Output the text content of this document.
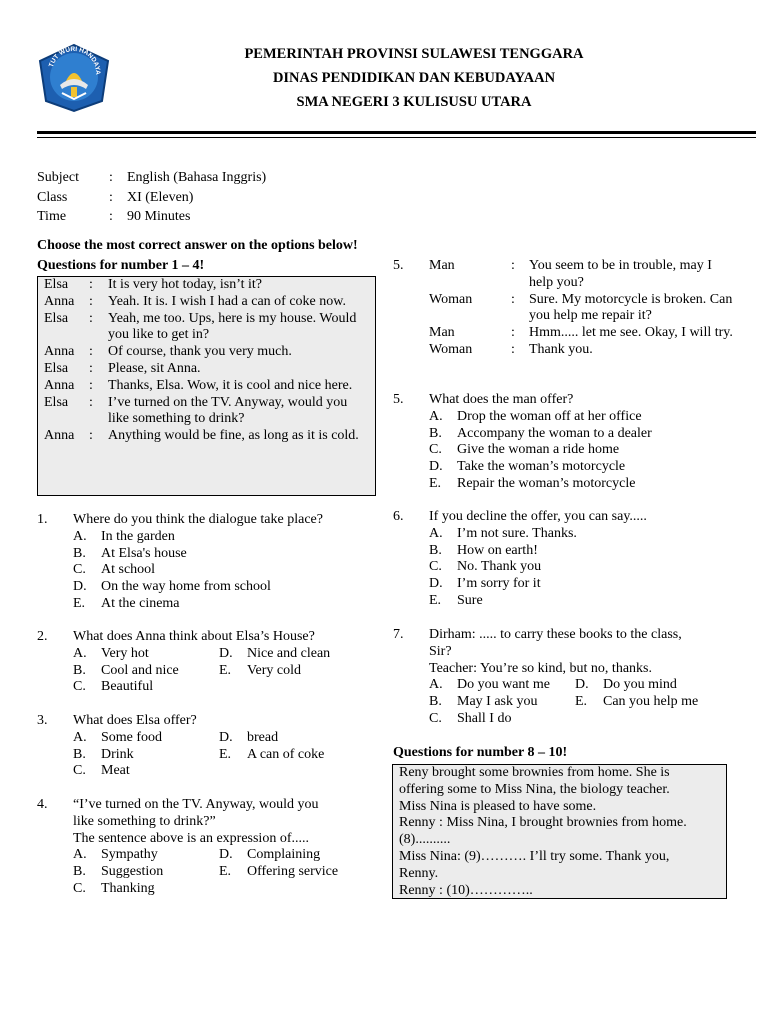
TUT WURI HANDAYA
PEMERINTAH PROVINSI SULAWESI TENGGARA
DINAS PENDIDIKAN DAN KEBUDAYAAN
SMA NEGERI 3 KULISUSU UTARA
Subject	:	English (Bahasa Inggris)
Class	:	XI (Eleven)
Time	:	90 Minutes
Choose the most correct answer on the options below!
Questions for number 1 – 4!
Elsa	:	It is very hot today, isn’t it?
Anna	:	Yeah. It is. I wish I had a can of coke now.
Elsa	:	Yeah, me too. Ups, here is my house. Would you like to get in?
Anna	:	Of course, thank you very much.
Elsa	:	Please, sit Anna.
Anna	:	Thanks, Elsa. Wow, it is cool and nice here.
Elsa	:	I’ve turned on the TV. Anyway, would you like something to drink?
Anna	:	Anything would be fine, as long as it is cold.
1. Where do you think the dialogue take place?
A.	In the garden
B.	At Elsa's house
C.	At school
D.	On the way home from school
E.	At the cinema
2. What does Anna think about Elsa’s House?
A.	Very hot	D.	Nice and clean
B.	Cool and nice	E.	Very cold
C.	Beautiful
3. What does Elsa offer?
A.	Some food	D.	bread
B.	Drink	E.	A can of coke
C.	Meat
4. “I’ve turned on the TV. Anyway, would you
like something to drink?”
The sentence above is an expression of.....
A.	Sympathy	D.	Complaining
B.	Suggestion	E.	Offering service
C.	Thanking
5. Man	:	You seem to be in trouble, may I help you?
Woman	:	Sure. My motorcycle is broken. Can you help me repair it?
Man	:	Hmm..... let me see. Okay, I will try.
Woman	:	Thank you.
5. What does the man offer?
A.	Drop the woman off at her office
B.	Accompany the woman to a dealer
C.	Give the woman a ride home
D.	Take the woman’s motorcycle
E.	Repair the woman’s motorcycle
6. If you decline the offer, you can say.....
A.	I’m not sure. Thanks.
B.	How on earth!
C.	No. Thank you
D.	I’m sorry for it
E.	Sure
7. Dirham: ..... to carry these books to the class,
Sir?
Teacher: You’re so kind, but no, thanks.
A.	Do you want me D.	Do you mind
B.	May I ask you	E.	Can you help me
C.	Shall I do
Questions for number 8 – 10!
Reny brought some brownies from home. She is
offering some to Miss Nina, the biology teacher.
Miss Nina is pleased to have some.
Renny : Miss Nina, I brought brownies from home.
(8)..........
Miss Nina: (9)………. I’ll try some. Thank you,
Renny.
Renny : (10)…………..
